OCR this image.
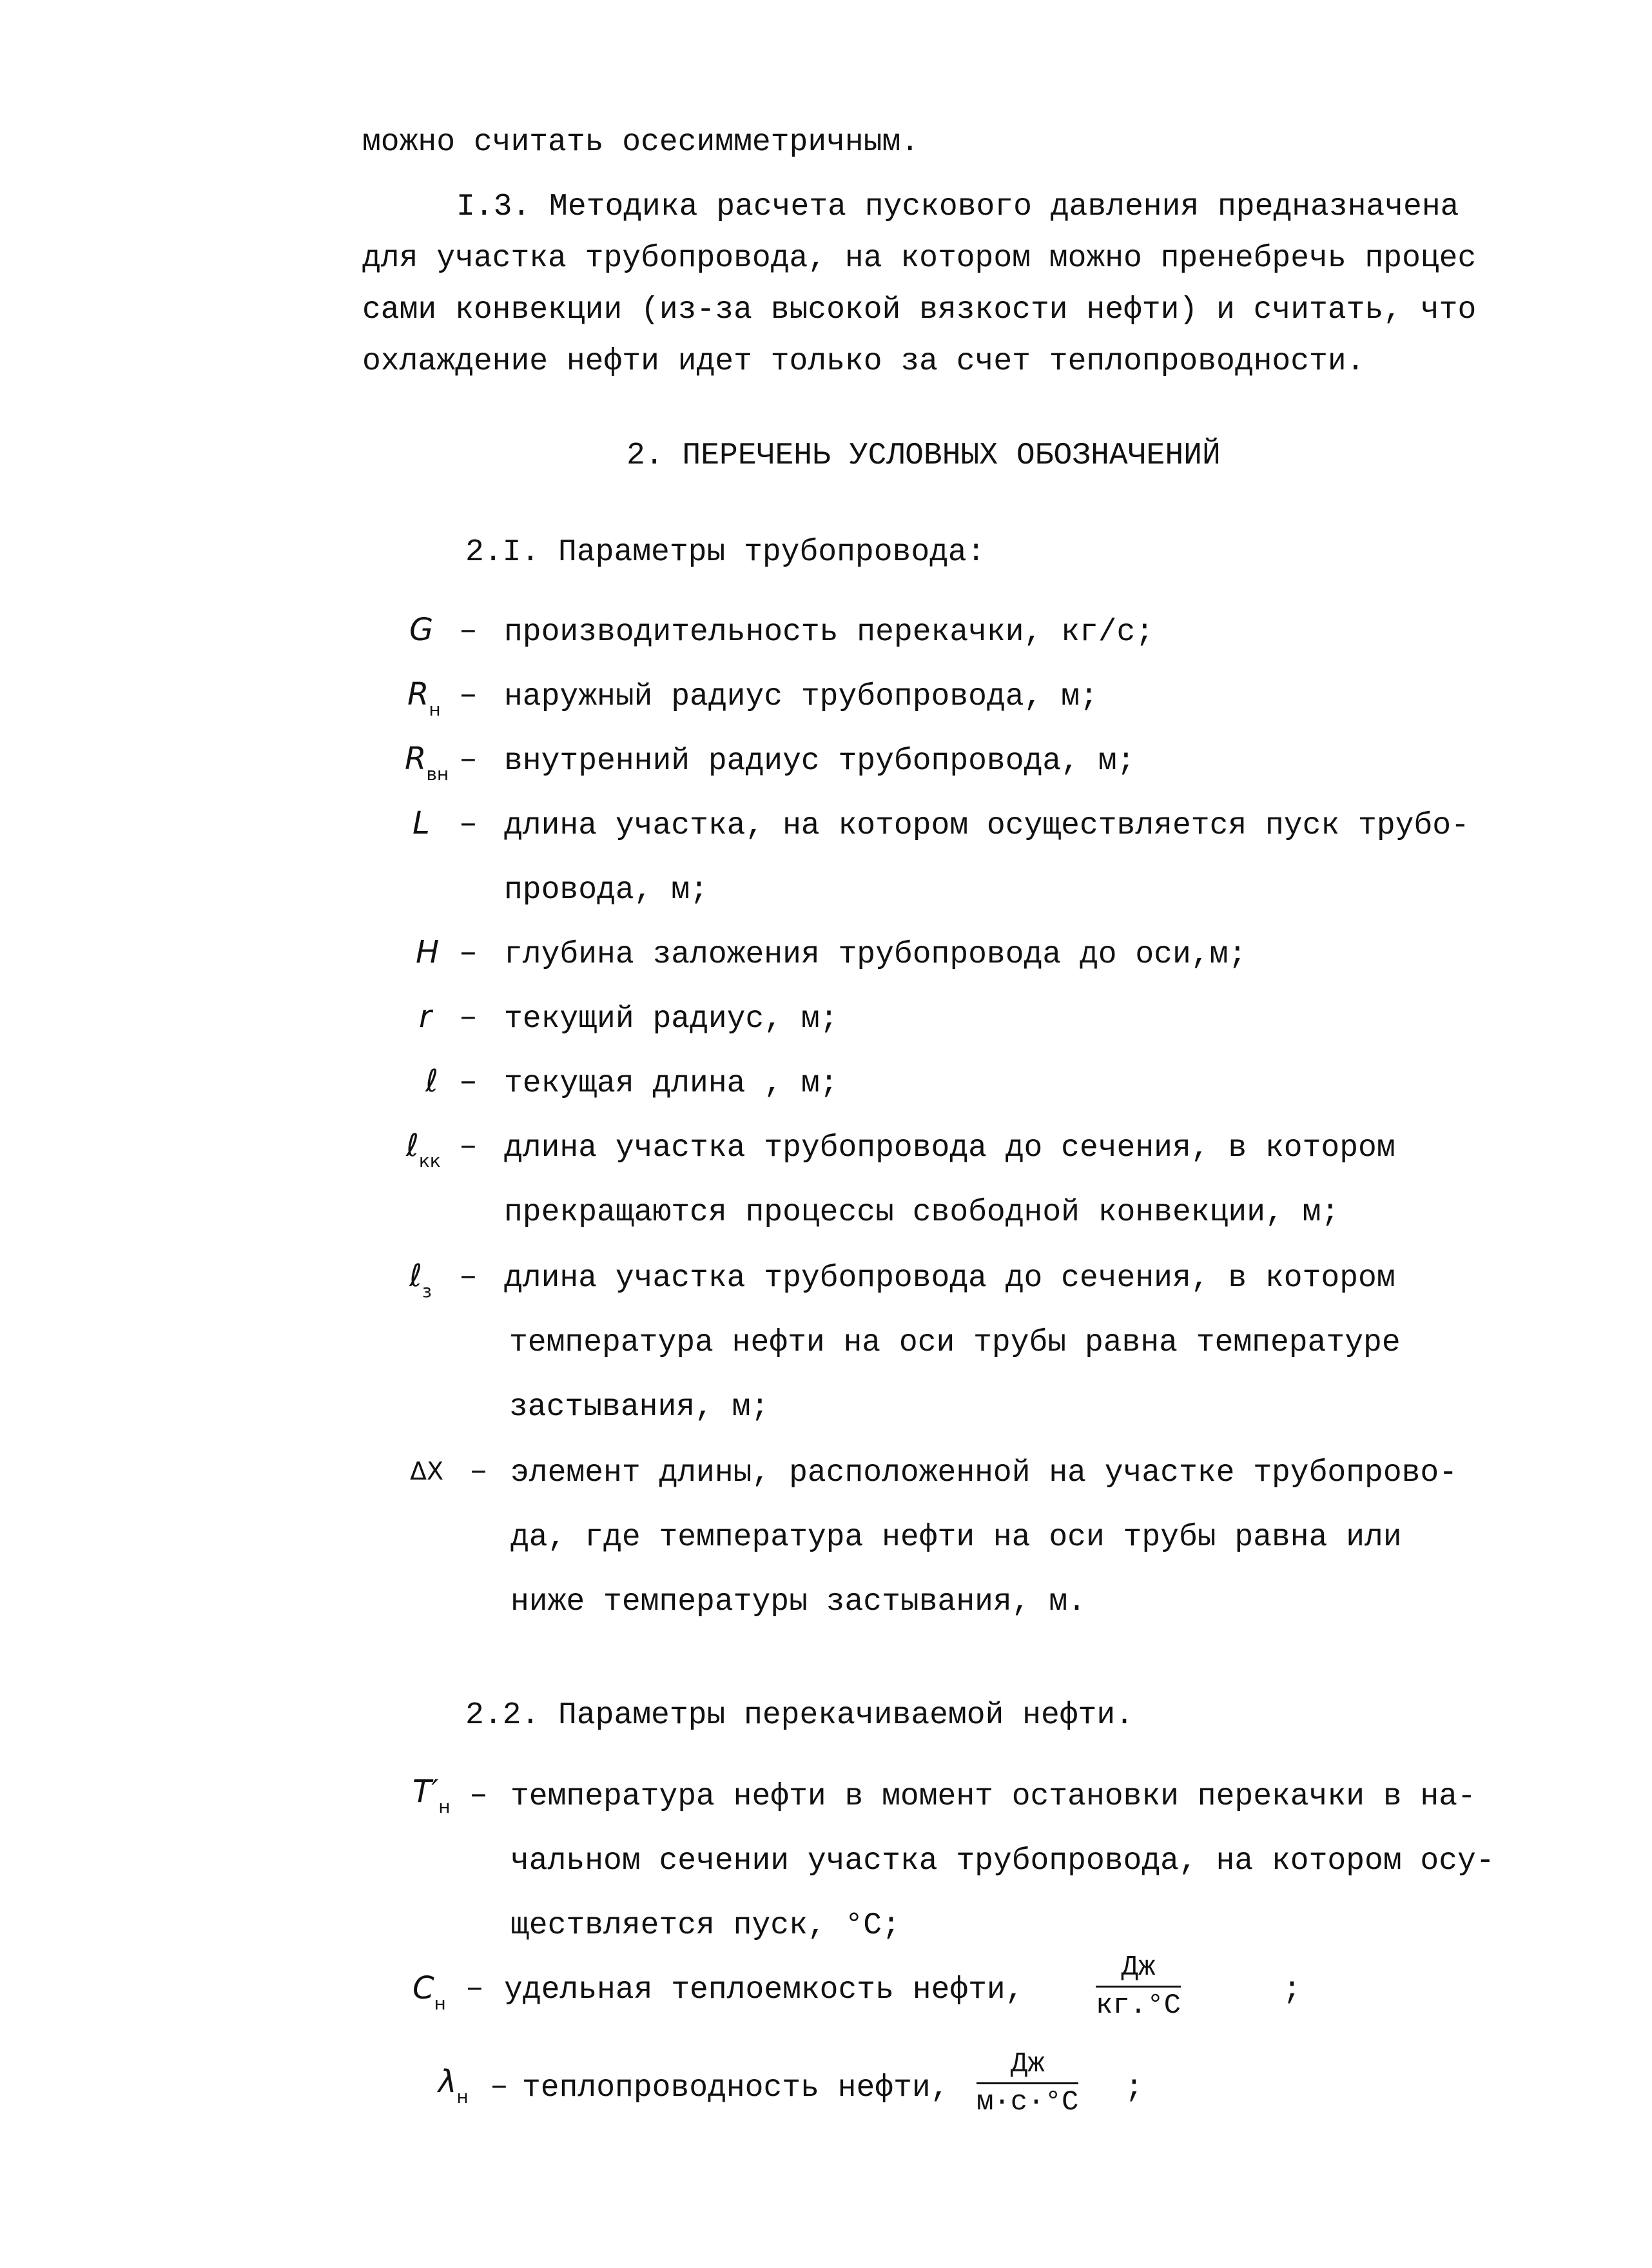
можно считать осесимметричным.
I.3. Методика расчета пускового давления предназначена
для участка трубопровода, на котором можно пренебречь процес
сами конвекции (из-за высокой вязкости нефти) и считать, что
охлаждение нефти идет только за счет теплопроводности.
2. ПЕРЕЧЕНЬ УСЛОВНЫХ ОБОЗНАЧЕНИЙ
2.I. Параметры трубопровода:
G – производительность перекачки, кг/с;
$R_н$ – наружный радиус трубопровода, м;
$R_{вн}$ – внутренний радиус трубопровода, м;
L – длина участка, на котором осуществляется пуск трубо-
провода, м;
H – глубина заложения трубопровода до оси,м;
r – текущий радиус, м;
ℓ – текущая длина , м;
ℓ$_{кк}$ – длина участка трубопровода до сечения, в котором
прекращаются процессы свободной конвекции, м;
ℓ$_з$ – длина участка трубопровода до сечения, в котором
температура нефти на оси трубы равна температуре
застывания, м;
ΔX – элемент длины, расположенной на участке трубопрово-
да, где температура нефти на оси трубы равна или
ниже температуры застывания, м.
2.2. Параметры перекачиваемой нефти.
$T'_н$ – температура нефти в момент остановки перекачки в на-
чальном сечении участка трубопровода, на котором осу-
ществляется пуск, °С;
$C_н$ – удельная теплоемкость нефти,
Дж
кг.°С	;
$\lambda_н$ – теплопроводность нефти,
Дж
м·с·°С ;
